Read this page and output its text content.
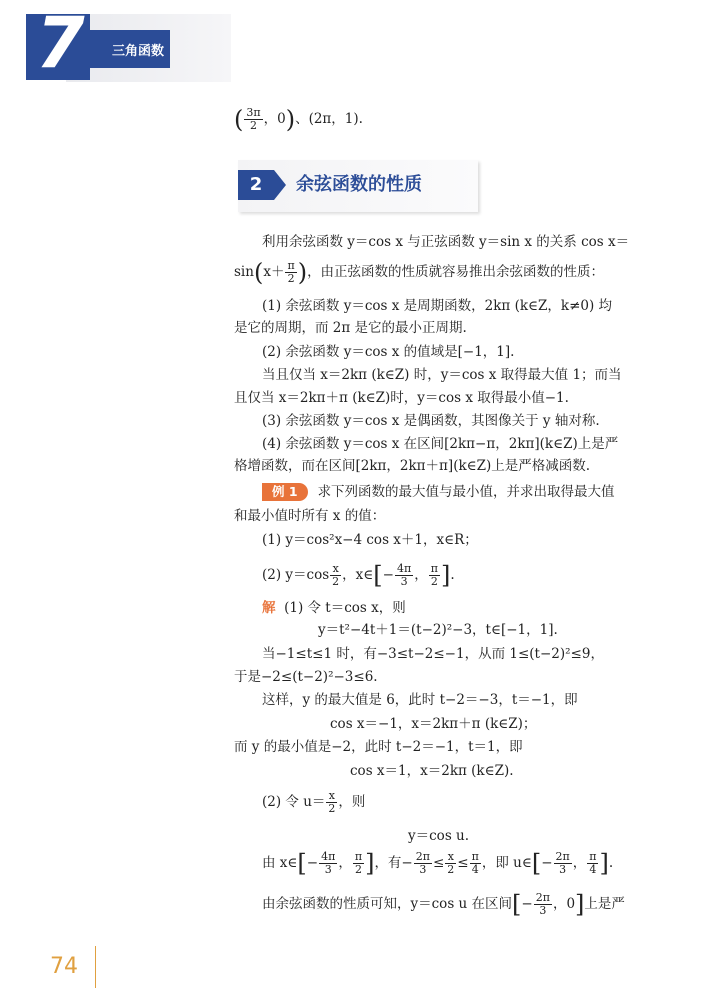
7 三角函数
( $\frac{3\pi}{2}$ ，0)、(2π，1).
2	余弦函数的性质
利用余弦函数 y＝cos x 与正弦函数 y＝sin x 的关系 cos x＝
$\sin(x+ \frac{\pi}{2}$ )，由正弦函数的性质就容易推出余弦函数的性质：
(1) 余弦函数 y＝cos x 是周期函数，2kπ (k∈Z，k≠0) 均
是它的周期，而 2π 是它的最小正周期.
(2) 余弦函数 y＝cos x 的值域是[−1，1].
当且仅当 x＝2kπ (k∈Z) 时，y＝cos x 取得最大值 1；而当
且仅当 x＝2kπ＋π (k∈Z)时，y＝cos x 取得最小值−1.
(3) 余弦函数 y＝cos x 是偶函数，其图像关于 y 轴对称.
(4) 余弦函数 y＝cos x 在区间[2kπ−π，2kπ](k∈Z)上是严
格增函数，而在区间[2kπ，2kπ＋π](k∈Z)上是严格减函数.
例 1 求下列函数的最大值与最小值，并求出取得最大值
和最小值时所有 x 的值：
(1) y＝cos²x−4 cos x＋1，x∈R；
(2) $y=\cos \frac{x}{2}$ ，x∈[− $\frac{4\pi}{3}$ ， $\frac{\pi}{2}$ ].
解 (1) 令 t＝cos x，则
y＝t²−4t＋1＝(t−2)²−3，t∈[−1，1].
当−1≤t≤1 时，有−3≤t−2≤−1，从而 1≤(t−2)²≤9，
于是−2≤(t−2)²−3≤6.
这样，y 的最大值是 6，此时 t−2＝−3，t＝−1，即
cos x＝−1，x＝2kπ＋π (k∈Z)；
而 y 的最小值是−2，此时 t−2＝−1，t＝1，即
cos x＝1，x＝2kπ (k∈Z).
(2) 令 $u= \frac{x}{2}$ ，则
y＝cos u.
由 x∈[− $\frac{4\pi}{3}$ ， $\frac{\pi}{2}$ ]，有− $\frac{2\pi}{3} \le \frac{x}{2} \le \frac{\pi}{4}$ ，即 u∈[− $\frac{2\pi}{3}$ ， $\frac{\pi}{4}$ ].
由余弦函数的性质可知，y＝cos u 在区间[− $\frac{2\pi}{3}$ ，0]上是严
74
